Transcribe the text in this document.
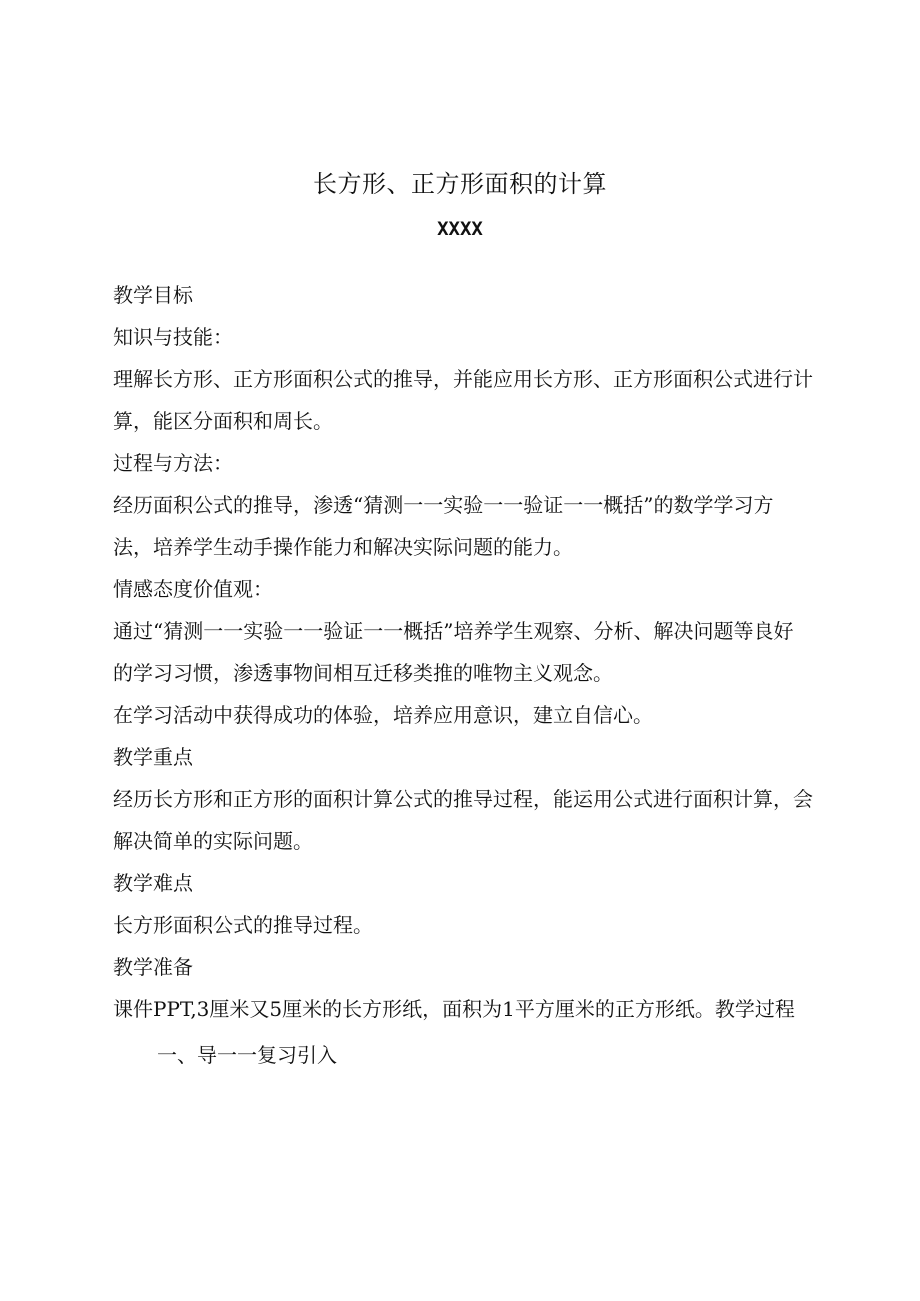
长方形、正方形面积的计算
XXXX

教学目标

知识与技能：

理解长方形、正方形面积公式的推导，并能应用长方形、正方形面积公式进行计算，能区分面积和周长。

过程与方法：

经历面积公式的推导，渗透“猜测一一实验一一验证一一概括”的数学学习方法，培养学生动手操作能力和解决实际问题的能力。

情感态度价值观：

通过“猜测一一实验一一验证一一概括”培养学生观察、分析、解决问题等良好的学习习惯，渗透事物间相互迁移类推的唯物主义观念。

在学习活动中获得成功的体验，培养应用意识，建立自信心。

教学重点

经历长方形和正方形的面积计算公式的推导过程，能运用公式进行面积计算，会解决简单的实际问题。

教学难点

长方形面积公式的推导过程。

教学准备

课件PPT,3厘米又5厘米的长方形纸，面积为1平方厘米的正方形纸。教学过程

一、导一一复习引入
